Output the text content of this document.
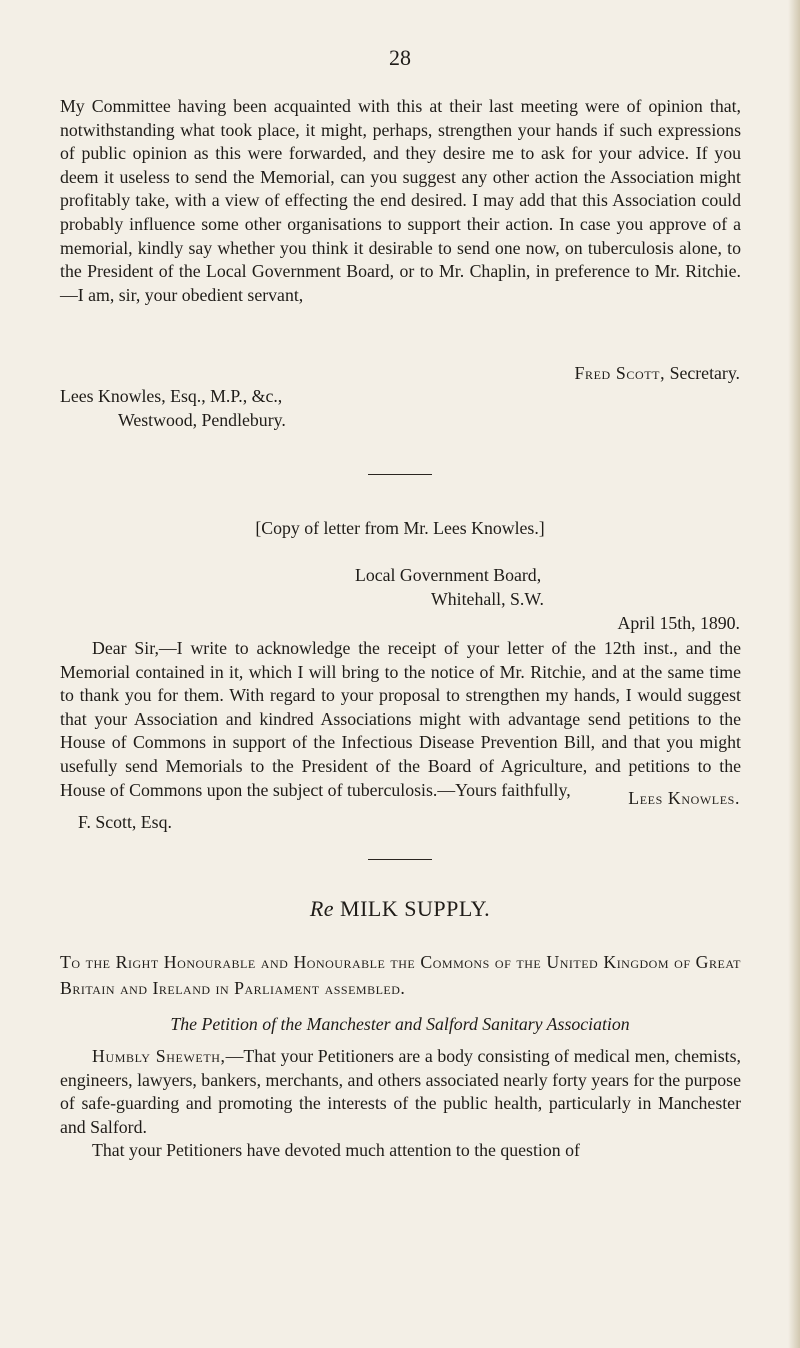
28

My Committee having been acquainted with this at their last meeting were of opinion that, notwithstanding what took place, it might, perhaps, strengthen your hands if such expressions of public opinion as this were forwarded, and they desire me to ask for your advice. If you deem it useless to send the Memorial, can you suggest any other action the Association might profitably take, with a view of effecting the end desired. I may add that this Association could probably influence some other organisations to support their action. In case you approve of a memorial, kindly say whether you think it desirable to send one now, on tuberculosis alone, to the President of the Local Government Board, or to Mr. Chaplin, in preference to Mr. Ritchie.—I am, sir, your obedient servant,

Fred Scott, Secretary.
Lees Knowles, Esq., M.P., &c.,
Westwood, Pendlebury.
[Copy of letter from Mr. Lees Knowles.]
Local Government Board,
Whitehall, S.W.
April 15th, 1890.

Dear Sir,—I write to acknowledge the receipt of your letter of the 12th inst., and the Memorial contained in it, which I will bring to the notice of Mr. Ritchie, and at the same time to thank you for them. With regard to your proposal to strengthen my hands, I would suggest that your Association and kindred Associations might with advantage send petitions to the House of Commons in support of the Infectious Disease Prevention Bill, and that you might usefully send Memorials to the President of the Board of Agriculture, and petitions to the House of Commons upon the subject of tuberculosis.—Yours faithfully,	Lees Knowles.
F. Scott, Esq.
Re MILK SUPPLY.
To the Right Honourable and Honourable the Commons of the United Kingdom of Great Britain and Ireland in Parliament assembled.
The Petition of the Manchester and Salford Sanitary Association

Humbly Sheweth,—That your Petitioners are a body consisting of medical men, chemists, engineers, lawyers, bankers, merchants, and others associated nearly forty years for the purpose of safe-guarding and promoting the interests of the public health, particularly in Manchester and Salford.

That your Petitioners have devoted much attention to the question of
